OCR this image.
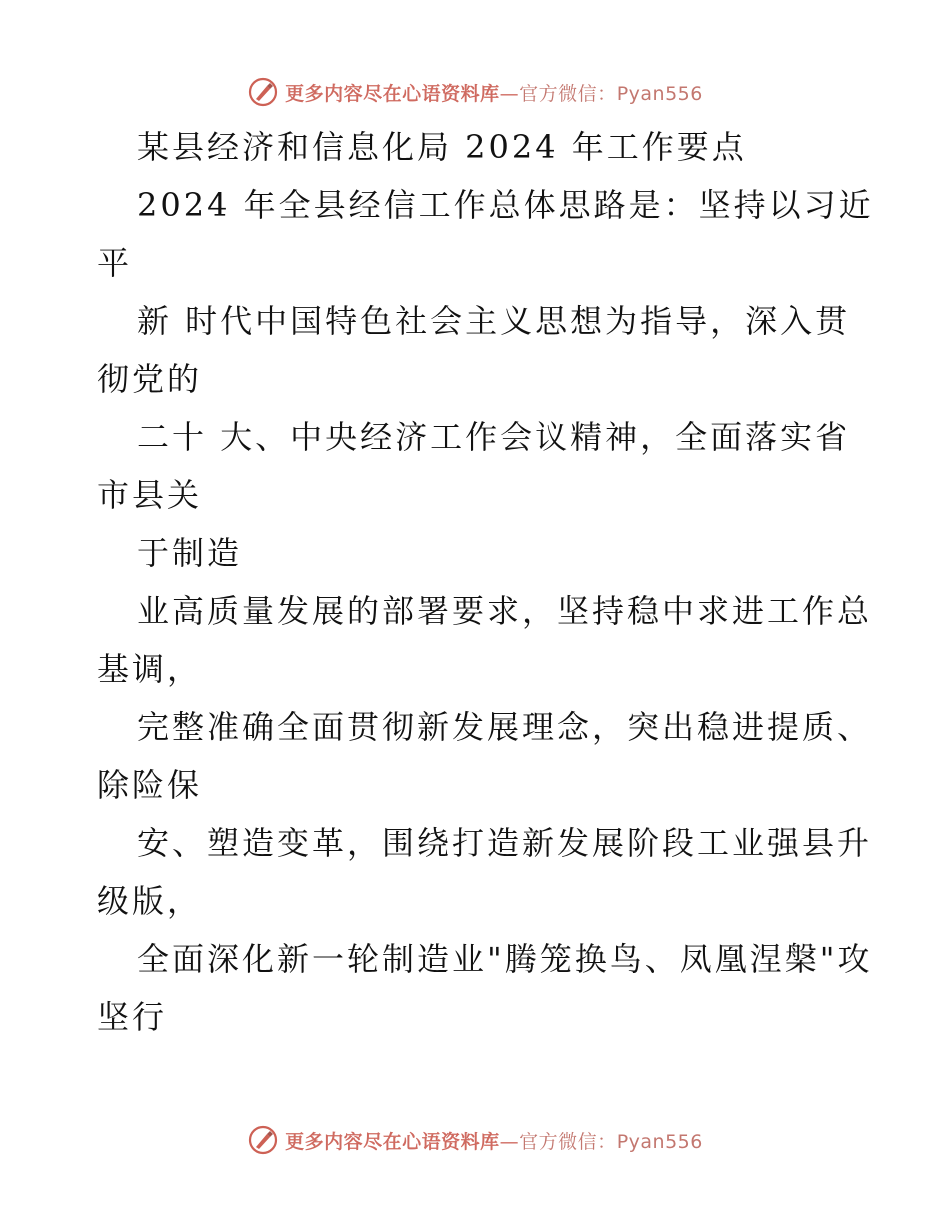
更多内容尽在心语资料库—官方微信：Pyan556
某县经济和信息化局 2024 年工作要点
2024 年全县经信工作总体思路是：坚持以习近
平
新 时代中国特色社会主义思想为指导，深入贯
彻党的
二十 大、中央经济工作会议精神，全面落实省
市县关
于制造
业高质量发展的部署要求，坚持稳中求进工作总
基调，
完整准确全面贯彻新发展理念，突出稳进提质、
除险保
安、塑造变革，围绕打造新发展阶段工业强县升
级版，
全面深化新一轮制造业"腾笼换鸟、凤凰涅槃"攻
坚行
更多内容尽在心语资料库—官方微信：Pyan556
